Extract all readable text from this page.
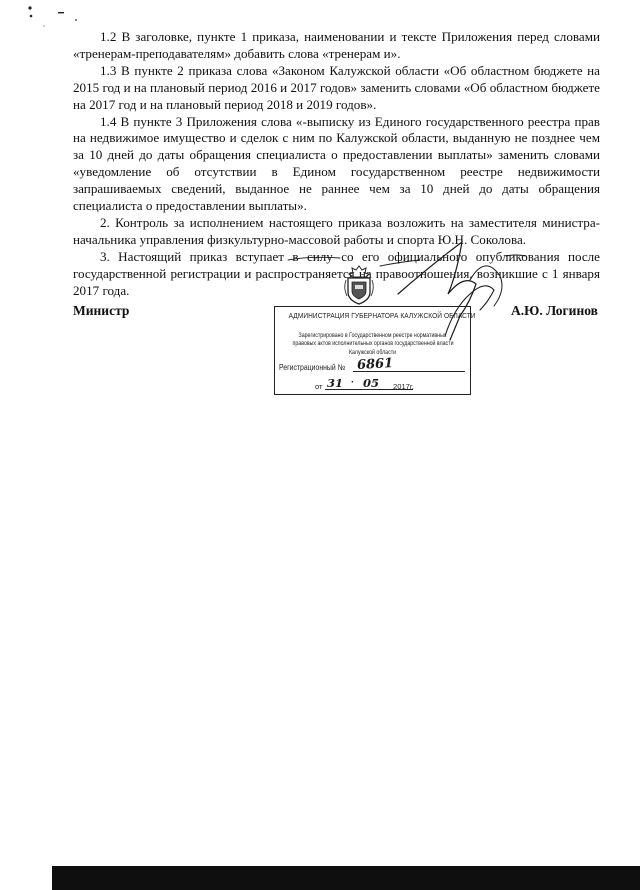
1.2 В заголовке, пункте 1 приказа, наименовании и тексте Приложения перед словами «тренерам-преподавателям» добавить слова «тренерам и».

1.3 В пункте 2 приказа слова «Законом Калужской области «Об областном бюджете на 2015 год и на плановый период 2016 и 2017 годов» заменить словами «Об областном бюджете на 2017 год и на плановый период 2018 и 2019 годов».

1.4 В пункте 3 Приложения слова «-выписку из Единого государственного реестра прав на недвижимое имущество и сделок с ним по Калужской области, выданную не позднее чем за 10 дней до даты обращения специалиста о предоставлении выплаты» заменить словами «уведомление об отсутствии в Едином государственном реестре недвижимости запрашиваемых сведений, выданное не раннее чем за 10 дней до даты обращения специалиста о предоставлении выплаты».

2. Контроль за исполнением настоящего приказа возложить на заместителя министра-начальника управления физкультурно-массовой работы и спорта Ю.Н. Соколова.

3. Настоящий приказ вступает в силу со его официального опубликования после государственной регистрации и распространяется на правоотношения, возникшие с 1 января 2017 года.

Министр	А.Ю. Логинов
АДМИНИСТРАЦИЯ ГУБЕРНАТОРА КАЛУЖСКОЙ ОБЛАСТИ
Зарегистрировано в Государственном реестре нормативных
правовых актов исполнительных органов государственной власти
Калужской области
Регистрационный № 6861
от 31 · 05 2017г.
